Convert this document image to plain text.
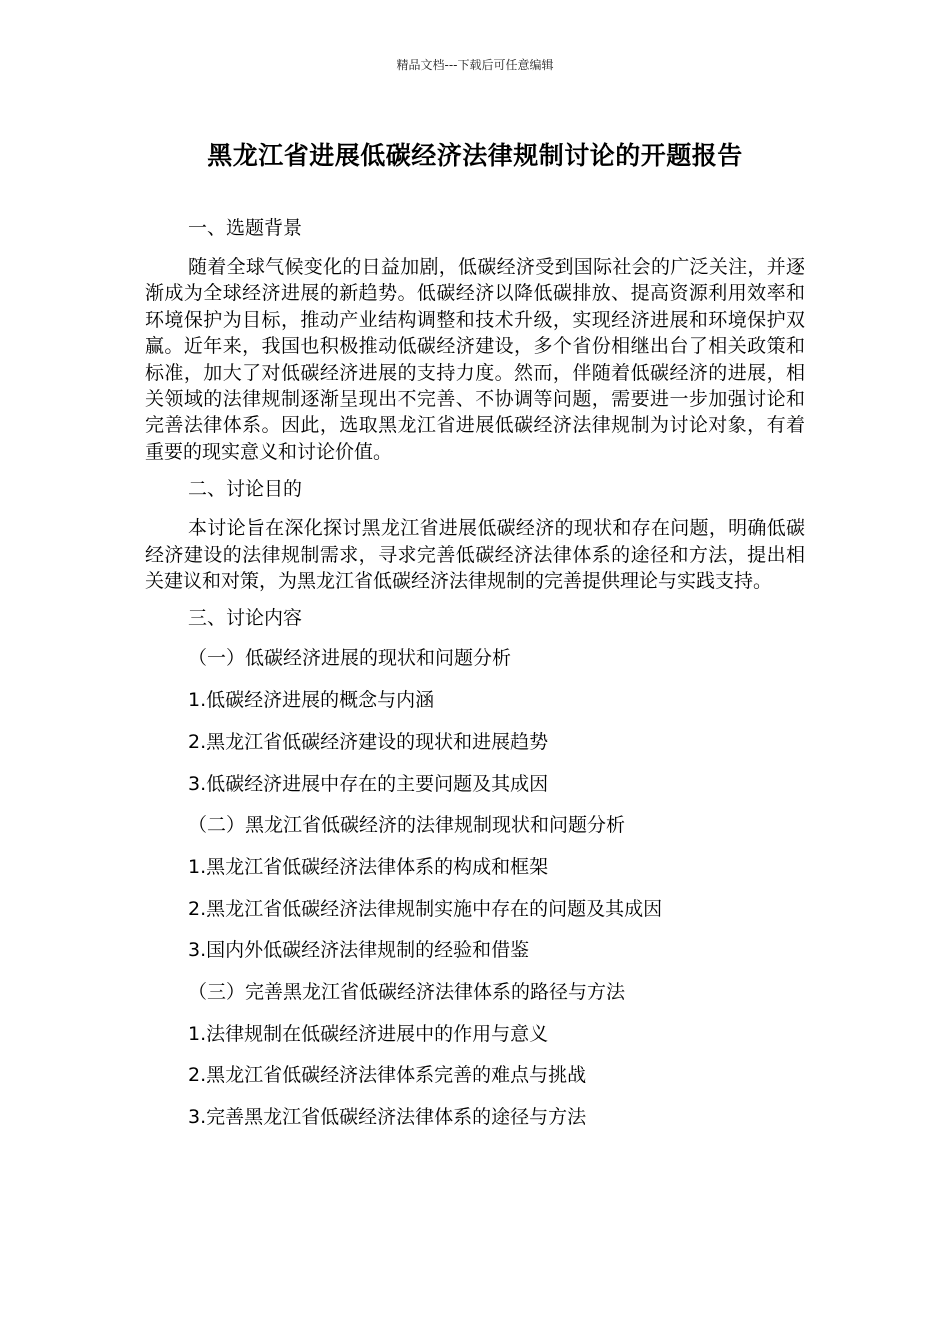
精品文档---下载后可任意编辑
黑龙江省进展低碳经济法律规制讨论的开题报告
一、选题背景

随着全球气候变化的日益加剧，低碳经济受到国际社会的广泛关注，并逐渐成为全球经济进展的新趋势。低碳经济以降低碳排放、提高资源利用效率和环境保护为目标，推动产业结构调整和技术升级，实现经济进展和环境保护双赢。近年来，我国也积极推动低碳经济建设，多个省份相继出台了相关政策和标准，加大了对低碳经济进展的支持力度。然而，伴随着低碳经济的进展，相关领域的法律规制逐渐呈现出不完善、不协调等问题，需要进一步加强讨论和完善法律体系。因此，选取黑龙江省进展低碳经济法律规制为讨论对象，有着重要的现实意义和讨论价值。

二、讨论目的

本讨论旨在深化探讨黑龙江省进展低碳经济的现状和存在问题，明确低碳经济建设的法律规制需求，寻求完善低碳经济法律体系的途径和方法，提出相关建议和对策，为黑龙江省低碳经济法律规制的完善提供理论与实践支持。

三、讨论内容
（一）低碳经济进展的现状和问题分析
1.低碳经济进展的概念与内涵
2.黑龙江省低碳经济建设的现状和进展趋势
3.低碳经济进展中存在的主要问题及其成因
（二）黑龙江省低碳经济的法律规制现状和问题分析
1.黑龙江省低碳经济法律体系的构成和框架
2.黑龙江省低碳经济法律规制实施中存在的问题及其成因
3.国内外低碳经济法律规制的经验和借鉴
（三）完善黑龙江省低碳经济法律体系的路径与方法
1.法律规制在低碳经济进展中的作用与意义
2.黑龙江省低碳经济法律体系完善的难点与挑战
3.完善黑龙江省低碳经济法律体系的途径与方法
